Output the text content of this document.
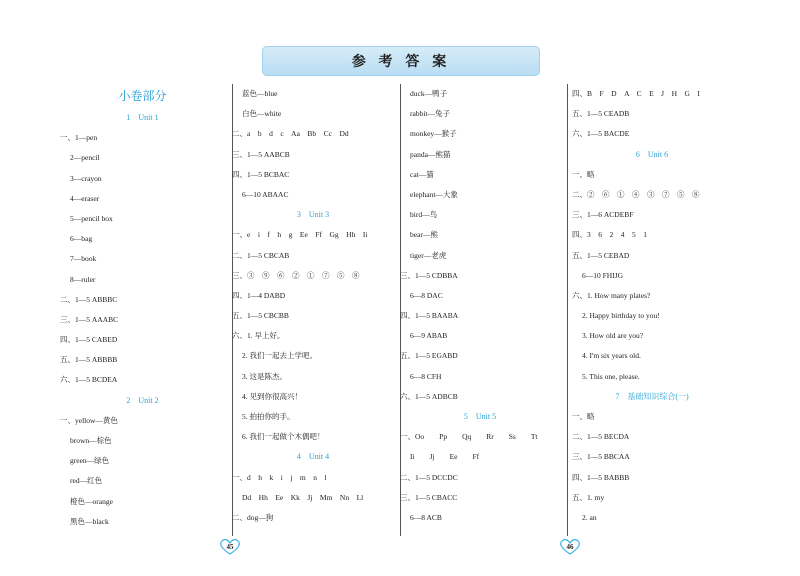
参 考 答 案
小卷部分
1　Unit 1
一、1—pen
2—pencil
3—crayon
4—eraser
5—pencil box
6—bag
7—book
8—ruler
二、1—5 ABBBC
三、1—5 AAABC
四、1—5 CABED
五、1—5 ABBBB
六、1—5 BCDEA
2　Unit 2
一、yellow—黄色
brown—棕色
green—绿色
red—红色
橙色—orange
黑色—black
蓝色—blue
白色—white
二、a　b　d　c　Aa　Bb　Cc　Dd
三、1—5 AABCB
四、1—5 BCBAC
6—10 ABAAC
3　Unit 3
一、e　i　f　h　g　Ee　Ff　Gg　Hh　Ii
二、1—5 CBCAB
三、③　⑨　⑥　②　①　⑦　⑤　⑧
四、1—4 DABD
五、1—5 CBCBB
六、1. 早上好。
2. 我们一起去上学吧。
3. 这是陈杰。
4. 见到你很高兴！
5. 拍拍你的手。
6. 我们一起做个木偶吧！
4　Unit 4
一、d　h　k　i　j　m　n　l
Dd　Hh　Ee　Kk　Jj　Mm　Nn　Ll
二、dog—狗
duck—鸭子
rabbit—兔子
monkey—猴子
panda—熊猫
cat—猫
elephant—大象
bird—鸟
bear—熊
tiger—老虎
三、1—5 CDBBA
6—8 DAC
四、1—5 BAABA
6—9 ABAB
五、1—5 EGABD
6—8 CFH
六、1—5 ADBCB
5　Unit 5
一、Oo　　Pp　　Qq　　Rr　　Ss　　Tt
Ii　　Jj　　Ee　　Ff
二、1—5 DCCDC
三、1—5 CBACC
6—8 ACB
四、B　F　D　A　C　E　J　H　G　I
五、1—5 CEADB
六、1—5 BACDE
6　Unit 6
一、略
二、②　⑥　①　④　③　⑦　⑤　⑧
三、1—6 ACDEBF
四、3　6　2　4　5　1
五、1—5 CEBAD
6—10 FHIJG
六、1. How many plates?
2. Happy birthday to you!
3. How old are you?
4. I'm six years old.
5. This one, please.
7　基础知识综合(一)
一、略
二、1—5 BECDA
三、1—5 BBCAA
四、1—5 BABBB
五、1. my
2. an
45	46
